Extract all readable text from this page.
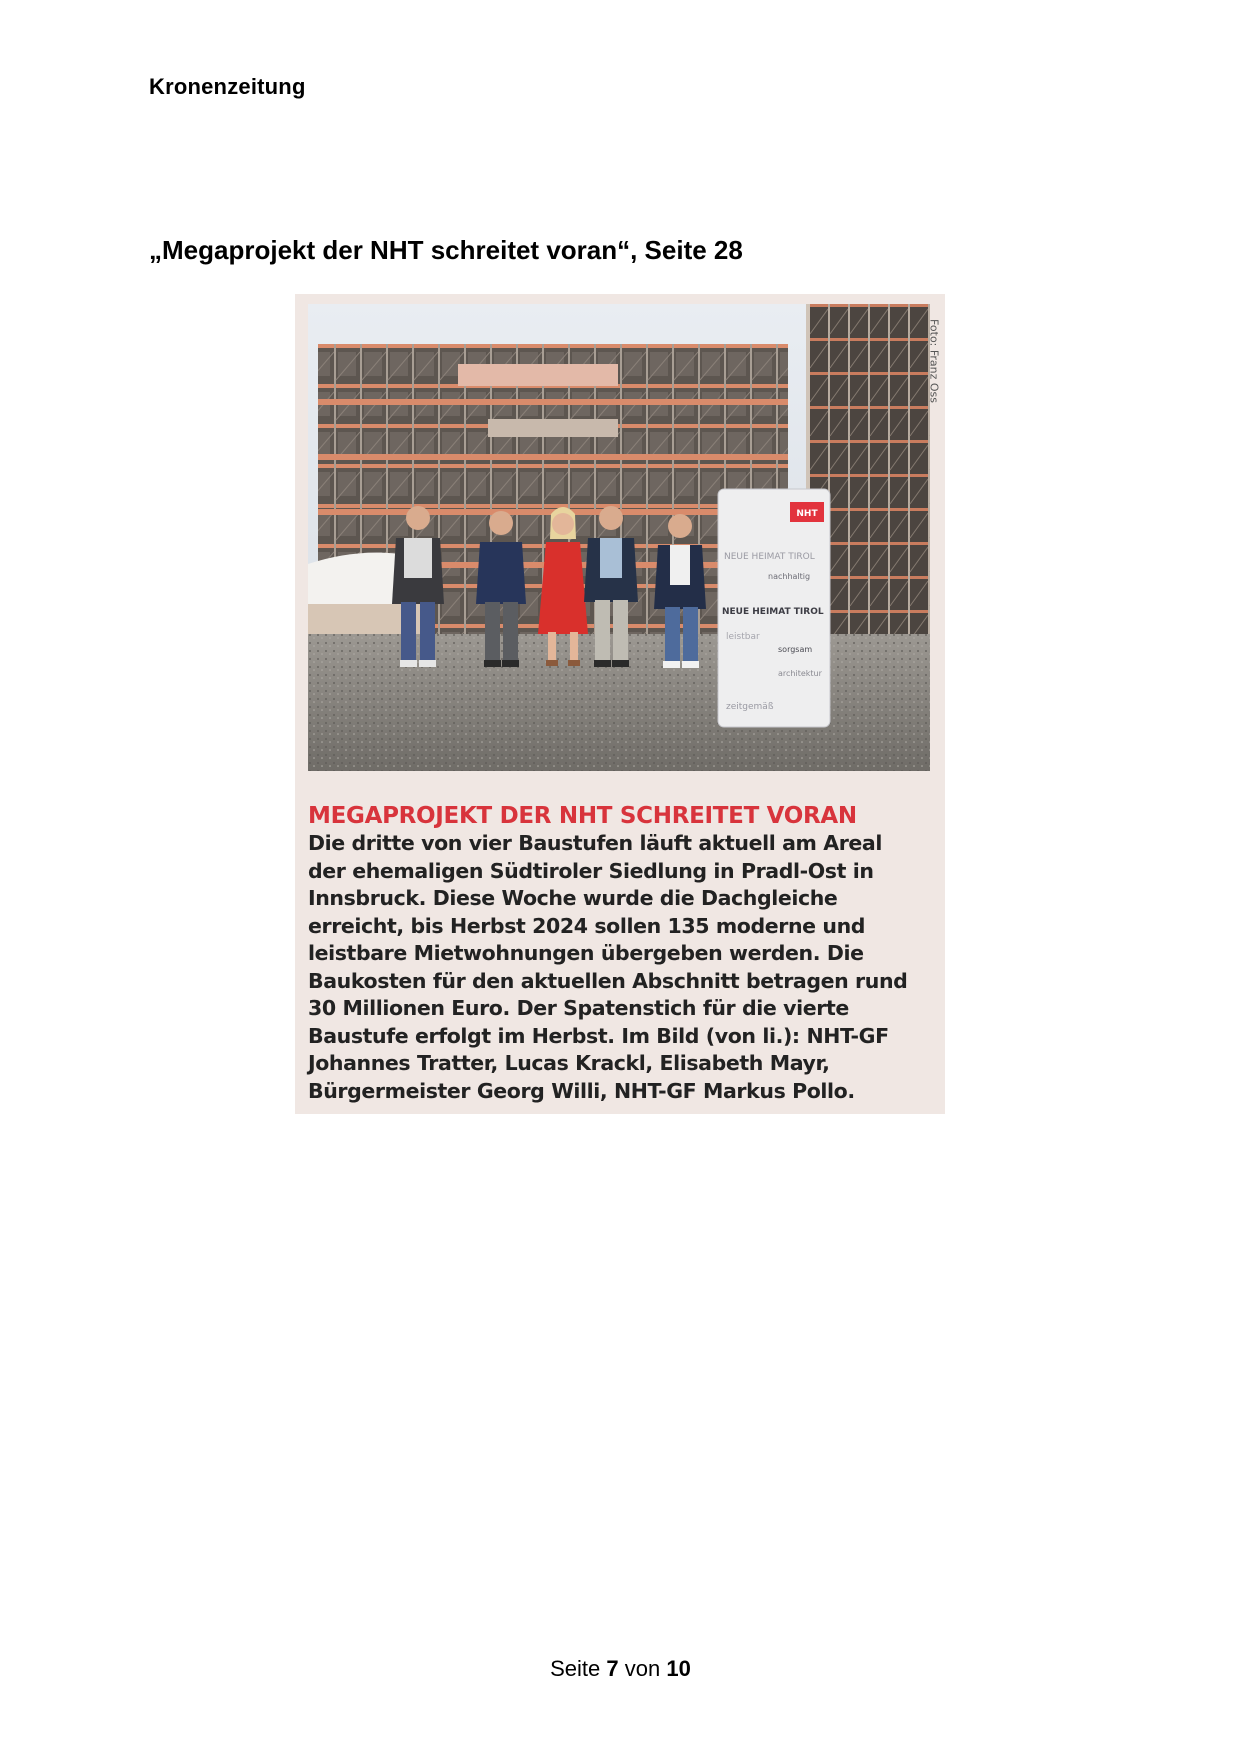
Kronenzeitung
„Megaprojekt der NHT schreitet voran“, Seite 28
NHT
NEUE HEIMAT TIROL
nachhaltig
NEUE HEIMAT TIROL
leistbar
sorgsam
architektur
zeitgemäß
Foto: Franz Oss
MEGAPROJEKT DER NHT SCHREITET VORAN
Die dritte von vier Baustufen läuft aktuell am Areal
der ehemaligen Südtiroler Siedlung in Pradl-Ost in
Innsbruck. Diese Woche wurde die Dachgleiche
erreicht, bis Herbst 2024 sollen 135 moderne und
leistbare Mietwohnungen übergeben werden. Die
Baukosten für den aktuellen Abschnitt betragen rund
30 Millionen Euro. Der Spatenstich für die vierte
Baustufe erfolgt im Herbst. Im Bild (von li.): NHT-GF
Johannes Tratter, Lucas Krackl, Elisabeth Mayr,
Bürgermeister Georg Willi, NHT-GF Markus Pollo.
Seite 7 von 10
